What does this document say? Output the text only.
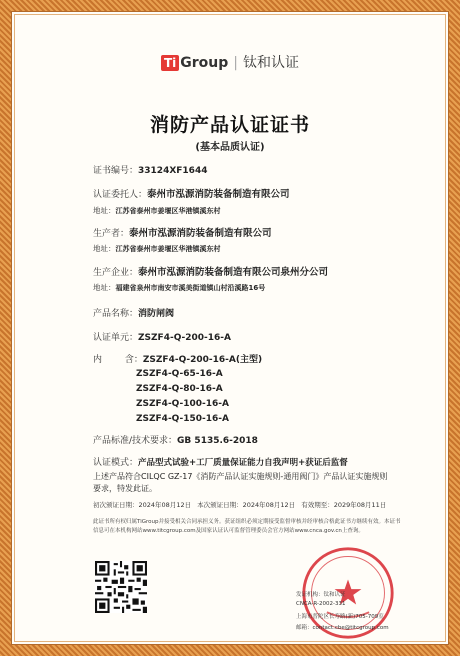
Ti Group | 钛和认证
消防产品认证证书
(基本品质认证)
证书编号：33124XF1644
认证委托人：泰州市泓源消防装备制造有限公司
地址：江苏省泰州市姜堰区华港镇溪东村
生产者：泰州市泓源消防装备制造有限公司
地址：江苏省泰州市姜堰区华港镇溪东村
生产企业：泰州市泓源消防装备制造有限公司泉州分公司
地址：福建省泉州市南安市溪美街道镇山村沿溪路16号
产品名称：消防闸阀
认证单元：ZSZF4-Q-200-16-A
内        含：ZSZF4-Q-200-16-A(主型)
ZSZF4-Q-65-16-A
ZSZF4-Q-80-16-A
ZSZF4-Q-100-16-A
ZSZF4-Q-150-16-A
产品标准/技术要求：GB 5135.6-2018
认证模式：产品型式试验+工厂质量保证能力自我声明+获证后监督
上述产品符合CILQC GZ-17《消防产品认证实施规则-通用阀门》产品认证实施规则要求，特发此证。
初次颁证日期：2024年08月12日 本次颁证日期：2024年08月12日 有效期至：2029年08月11日
此证书所有权归属TiGroup并接受相关合同承担义务。获证组织必须定期接受监督审核并经审核合格此证书方继续有效。本证书信息可在本机构网站www.titcgroup.com及国家认证认可监督管理委员会官方网站www.cnca.gov.cn上查询。
发证机构：钛和认证
CNCA-R-2002-331
上海市普陀区长寿路(新)705-709室
邮箱：contact.cbe@titcgroup.com
